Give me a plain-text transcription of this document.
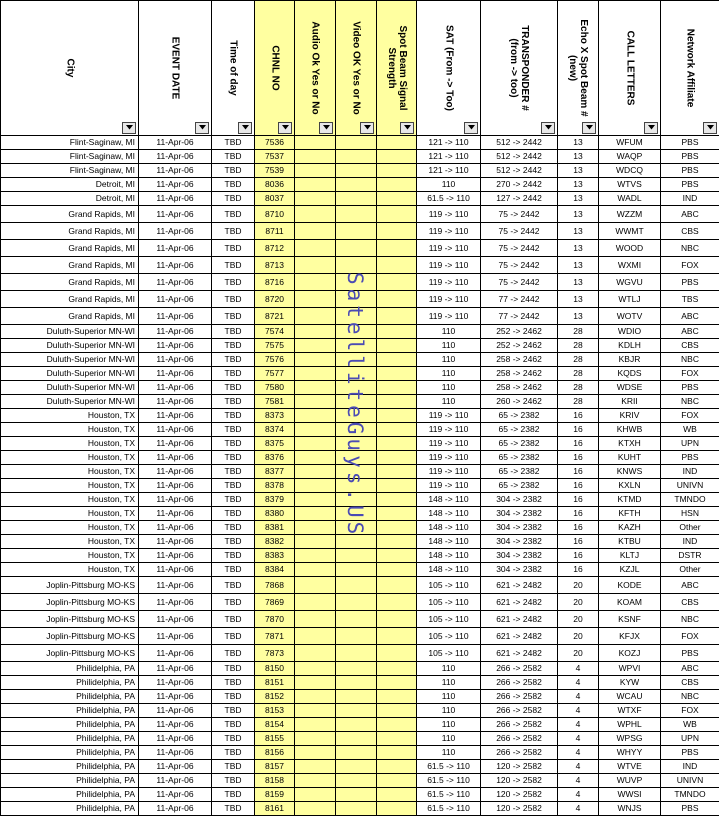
City	EVENT DATE	Time of day	CHNL NO	Audio Ok Yes or No	Video OK Yes or No	Spot Beam Signal Strength	SAT (From -> Too)	TRANSPONDER # (from -> too)	Echo X Spot Beam # (new)	CALL LETTERS	Network Affiliate

Flint-Saginaw, MI	11-Apr-06	TBD	7536				121 -> 110	512 -> 2442	13	WFUM	PBS
Flint-Saginaw, MI	11-Apr-06	TBD	7537				121 -> 110	512 -> 2442	13	WAQP	PBS
Flint-Saginaw, MI	11-Apr-06	TBD	7539				121 -> 110	512 -> 2442	13	WDCQ	PBS
Detroit, MI	11-Apr-06	TBD	8036				110	270 -> 2442	13	WTVS	PBS
Detroit, MI	11-Apr-06	TBD	8037				61.5 -> 110	127 -> 2442	13	WADL	IND
Grand Rapids, MI	11-Apr-06	TBD	8710				119 -> 110	75 -> 2442	13	WZZM	ABC
Grand Rapids, MI	11-Apr-06	TBD	8711				119 -> 110	75 -> 2442	13	WWMT	CBS
Grand Rapids, MI	11-Apr-06	TBD	8712				119 -> 110	75 -> 2442	13	WOOD	NBC
Grand Rapids, MI	11-Apr-06	TBD	8713				119 -> 110	75 -> 2442	13	WXMI	FOX
Grand Rapids, MI	11-Apr-06	TBD	8716				119 -> 110	75 -> 2442	13	WGVU	PBS
Grand Rapids, MI	11-Apr-06	TBD	8720				119 -> 110	77 -> 2442	13	WTLJ	TBS
Grand Rapids, MI	11-Apr-06	TBD	8721				119 -> 110	77 -> 2442	13	WOTV	ABC
Duluth-Superior MN-WI	11-Apr-06	TBD	7574				110	252 -> 2462	28	WDIO	ABC
Duluth-Superior MN-WI	11-Apr-06	TBD	7575				110	252 -> 2462	28	KDLH	CBS
Duluth-Superior MN-WI	11-Apr-06	TBD	7576				110	258 -> 2462	28	KBJR	NBC
Duluth-Superior MN-WI	11-Apr-06	TBD	7577				110	258 -> 2462	28	KQDS	FOX
Duluth-Superior MN-WI	11-Apr-06	TBD	7580				110	258 -> 2462	28	WDSE	PBS
Duluth-Superior MN-WI	11-Apr-06	TBD	7581				110	260 -> 2462	28	KRII	NBC
Houston, TX	11-Apr-06	TBD	8373				119 -> 110	65 -> 2382	16	KRIV	FOX
Houston, TX	11-Apr-06	TBD	8374				119 -> 110	65 -> 2382	16	KHWB	WB
Houston, TX	11-Apr-06	TBD	8375				119 -> 110	65 -> 2382	16	KTXH	UPN
Houston, TX	11-Apr-06	TBD	8376				119 -> 110	65 -> 2382	16	KUHT	PBS
Houston, TX	11-Apr-06	TBD	8377				119 -> 110	65 -> 2382	16	KNWS	IND
Houston, TX	11-Apr-06	TBD	8378				119 -> 110	65 -> 2382	16	KXLN	UNIVN
Houston, TX	11-Apr-06	TBD	8379				148 -> 110	304 -> 2382	16	KTMD	TMNDO
Houston, TX	11-Apr-06	TBD	8380				148 -> 110	304 -> 2382	16	KFTH	HSN
Houston, TX	11-Apr-06	TBD	8381				148 -> 110	304 -> 2382	16	KAZH	Other
Houston, TX	11-Apr-06	TBD	8382				148 -> 110	304 -> 2382	16	KTBU	IND
Houston, TX	11-Apr-06	TBD	8383				148 -> 110	304 -> 2382	16	KLTJ	DSTR
Houston, TX	11-Apr-06	TBD	8384				148 -> 110	304 -> 2382	16	KZJL	Other
Joplin-Pittsburg MO-KS	11-Apr-06	TBD	7868				105 -> 110	621 -> 2482	20	KODE	ABC
Joplin-Pittsburg MO-KS	11-Apr-06	TBD	7869				105 -> 110	621 -> 2482	20	KOAM	CBS
Joplin-Pittsburg MO-KS	11-Apr-06	TBD	7870				105 -> 110	621 -> 2482	20	KSNF	NBC
Joplin-Pittsburg MO-KS	11-Apr-06	TBD	7871				105 -> 110	621 -> 2482	20	KFJX	FOX
Joplin-Pittsburg MO-KS	11-Apr-06	TBD	7873				105 -> 110	621 -> 2482	20	KOZJ	PBS
Philidelphia, PA	11-Apr-06	TBD	8150				110	266 -> 2582	4	WPVI	ABC
Philidelphia, PA	11-Apr-06	TBD	8151				110	266 -> 2582	4	KYW	CBS
Philidelphia, PA	11-Apr-06	TBD	8152				110	266 -> 2582	4	WCAU	NBC
Philidelphia, PA	11-Apr-06	TBD	8153				110	266 -> 2582	4	WTXF	FOX
Philidelphia, PA	11-Apr-06	TBD	8154				110	266 -> 2582	4	WPHL	WB
Philidelphia, PA	11-Apr-06	TBD	8155				110	266 -> 2582	4	WPSG	UPN
Philidelphia, PA	11-Apr-06	TBD	8156				110	266 -> 2582	4	WHYY	PBS
Philidelphia, PA	11-Apr-06	TBD	8157				61.5 -> 110	120 -> 2582	4	WTVE	IND
Philidelphia, PA	11-Apr-06	TBD	8158				61.5 -> 110	120 -> 2582	4	WUVP	UNIVN
Philidelphia, PA	11-Apr-06	TBD	8159				61.5 -> 110	120 -> 2582	4	WWSI	TMNDO
Philidelphia, PA	11-Apr-06	TBD	8161				61.5 -> 110	120 -> 2582	4	WNJS	PBS
SatelliteGuys.US
